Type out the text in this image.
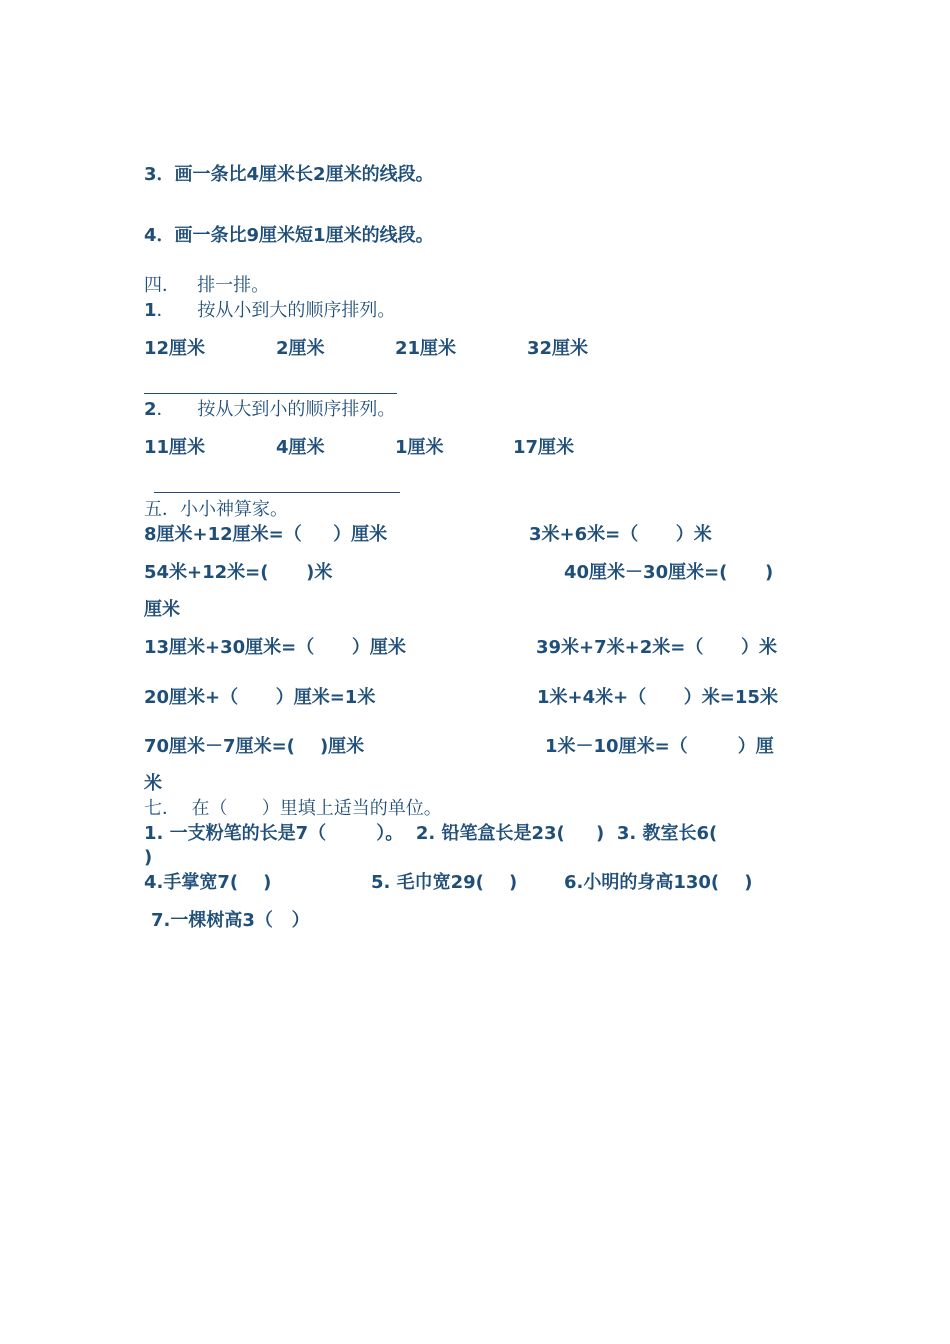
3．画一条比4厘米长2厘米的线段。
4．画一条比9厘米短1厘米的线段。
四．   排一排。
1．    按从小到大的顺序排列。
12厘米	2厘米	21厘米	32厘米
2．    按从大到小的顺序排列。
11厘米	4厘米	1厘米	17厘米
五．小小神算家。
8厘米+12厘米=（     ）厘米	3米+6米=（      ）米
54米+12米=(      )米	40厘米－30厘米=(      )
厘米
13厘米+30厘米=（      ）厘米	39米+7米+2米=（      ）米
20厘米+（      ）厘米=1米	1米+4米+（      ）米=15米
70厘米－7厘米=(    )厘米	1米－10厘米=（        ）厘
米
七．  在（      ）里填上适当的单位。
1. 一支粉笔的长是7（        ）。  2. 铅笔盒长是23(     )  3. 教室长6(
)
4.手掌宽7(    )	5. 毛巾宽29(    )	6.小明的身高130(    )
7.一棵树高3（   ）
